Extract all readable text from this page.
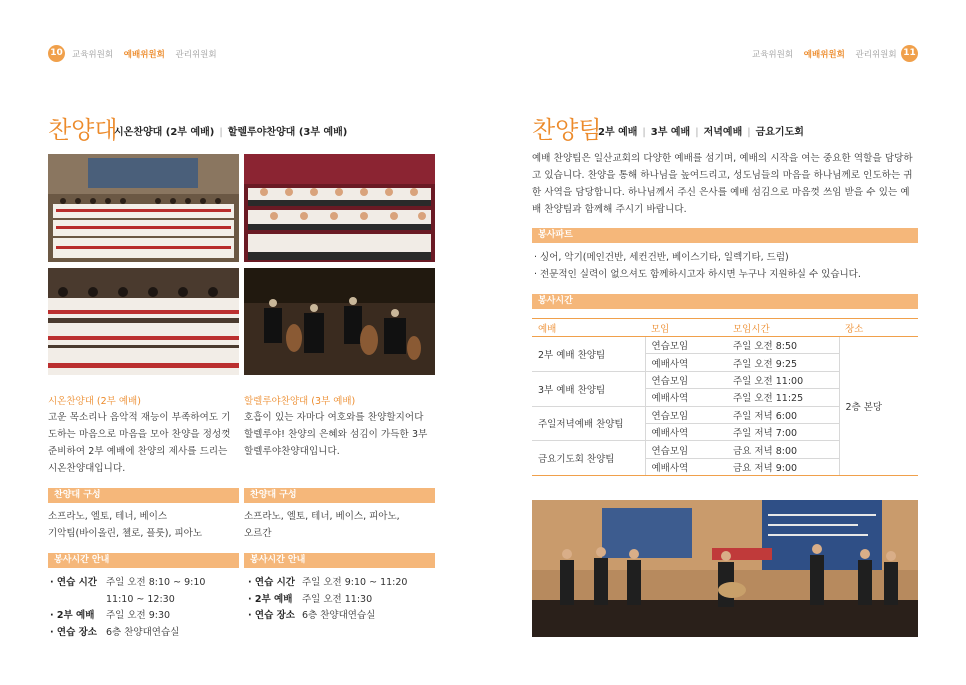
10 교육위원회 예배위원회 관리위원회	교육위원회 예배위원회 관리위원회 11
찬양대
시온찬양대 (2부 예배) | 할렐루야찬양대 (3부 예배)
시온찬양대 (2부 예배)
고운 목소리나 음악적 재능이 부족하여도 기도하는 마음으로 마음을 모아 찬양을 정성껏 준비하여 2부 예배에 찬양의 제사를 드리는 시온찬양대입니다.
찬양대 구성
소프라노, 엘토, 테너, 베이스
기악팀(바이올린, 첼로, 플룻), 피아노
봉사시간 안내
· 연습 시간 주일 오전 8:10 ~ 9:10
11:10 ~ 12:30
· 2부 예배 주일 오전 9:30
· 연습 장소 6층 찬양대연습실
할렐루야찬양대 (3부 예배)
호흡이 있는 자마다 여호와를 찬양할지어다 할렐루야! 찬양의 은혜와 섬김이 가득한 3부 할렐루야찬양대입니다.
찬양대 구성
소프라노, 엘토, 테너, 베이스, 피아노,
오르간
봉사시간 안내
· 연습 시간 주일 오전 9:10 ~ 11:20
· 2부 예배 주일 오전 11:30
· 연습 장소 6층 찬양대연습실
찬양팀
2부 예배 | 3부 예배 | 저녁예배 | 금요기도회
예배 찬양팀은 일산교회의 다양한 예배를 섬기며, 예배의 시작을 여는 중요한 역할을 담당하고 있습니다. 찬양을 통해 하나님을 높여드리고, 성도님들의 마음을 하나님께로 인도하는 귀한 사역을 담당합니다. 하나님께서 주신 은사를 예배 섬김으로 마음껏 쓰임 받을 수 있는 예배 찬양팀과 함께해 주시기 바랍니다.
봉사파트
· 싱어, 악기(메인건반, 세컨건반, 베이스기타, 일렉기타, 드럼)
· 전문적인 실력이 없으셔도 함께하시고자 하시면 누구나 지원하실 수 있습니다.
봉사시간
예배	모임	모임시간	장소
2부 예배 찬양팀	연습모임	주일 오전 8:50	2층 본당
	예배사역	주일 오전 9:25	
3부 예배 찬양팀	연습모임	주일 오전 11:00	
	예배사역	주일 오전 11:25	
주일저녁예배 찬양팀	연습모임	주일 저녁 6:00	
	예배사역	주일 저녁 7:00	
금요기도회 찬양팀	연습모임	금요 저녁 8:00	
	예배사역	금요 저녁 9:00	
